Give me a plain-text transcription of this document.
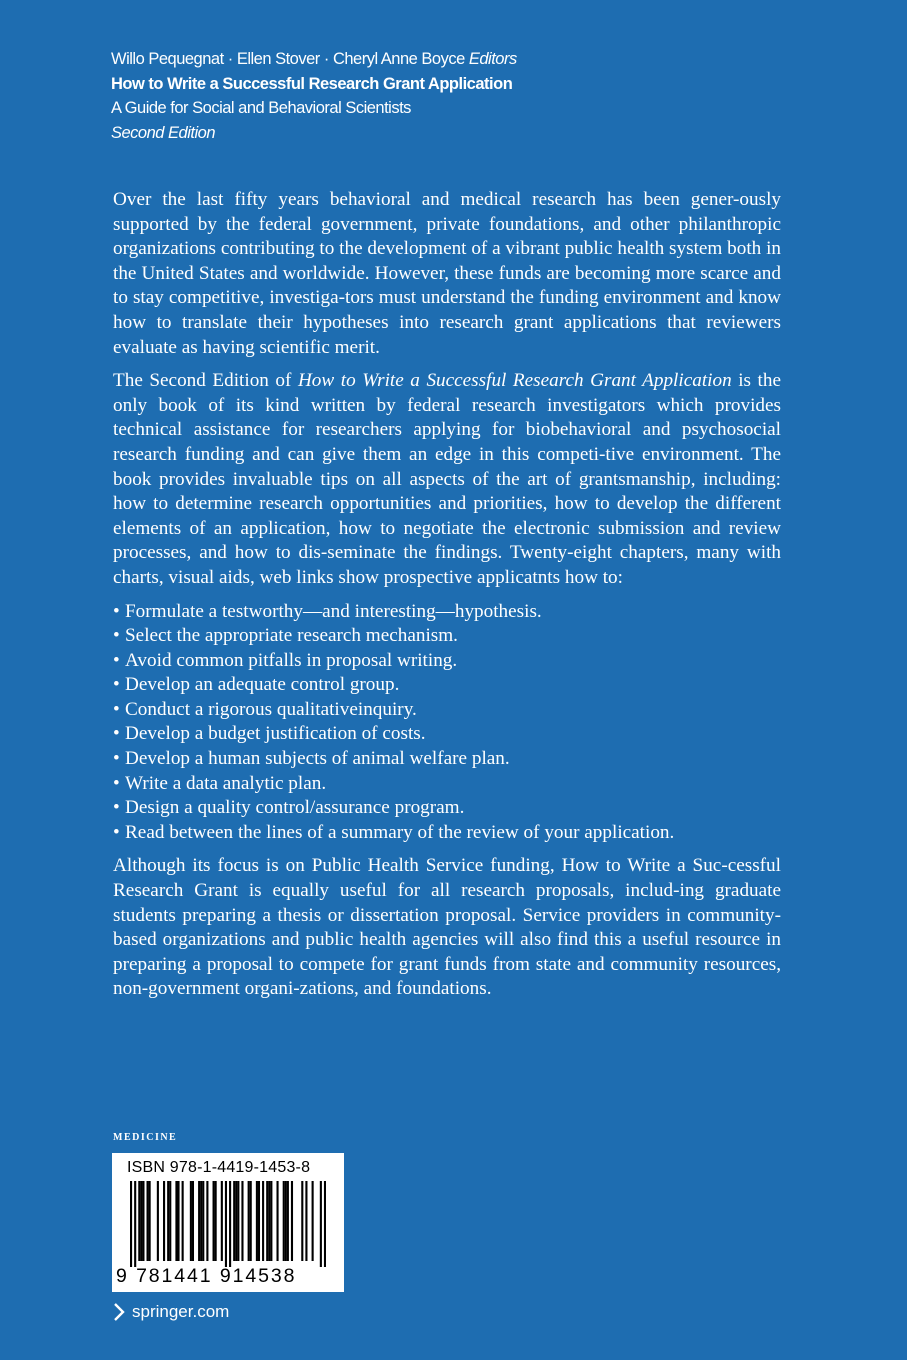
Willo Pequegnat · Ellen Stover · Cheryl Anne Boyce Editors
How to Write a Successful Research Grant Application
A Guide for Social and Behavioral Scientists
Second Edition

Over the last fifty years behavioral and medical research has been gener-ously supported by the federal government, private foundations, and other philanthropic organizations contributing to the development of a vibrant public health system both in the United States and worldwide. However, these funds are becoming more scarce and to stay competitive, investiga-tors must understand the funding environment and know how to translate their hypotheses into research grant applications that reviewers evaluate as having scientific merit.

The Second Edition of How to Write a Successful Research Grant Application is the only book of its kind written by federal research investigators which provides technical assistance for researchers applying for biobehavioral and psychosocial research funding and can give them an edge in this competi-tive environment. The book provides invaluable tips on all aspects of the art of grantsmanship, including: how to determine research opportunities and priorities, how to develop the different elements of an application, how to negotiate the electronic submission and review processes, and how to dis-seminate the findings. Twenty-eight chapters, many with charts, visual aids, web links show prospective applicatnts how to:

• Formulate a testworthy—and interesting—hypothesis.
• Select the appropriate research mechanism.
• Avoid common pitfalls in proposal writing.
• Develop an adequate control group.
• Conduct a rigorous qualitativeinquiry.
• Develop a budget justification of costs.
• Develop a human subjects of animal welfare plan.
• Write a data analytic plan.
• Design a quality control/assurance program.
• Read between the lines of a summary of the review of your application.

Although its focus is on Public Health Service funding, How to Write a Suc-cessful Research Grant is equally useful for all research proposals, includ-ing graduate students preparing a thesis or dissertation proposal. Service providers in community-based organizations and public health agencies will also find this a useful resource in preparing a proposal to compete for grant funds from state and community resources, non-government organi-zations, and foundations.

MEDICINE
ISBN 978-1-4419-1453-8
9 781441 914538
springer.com
